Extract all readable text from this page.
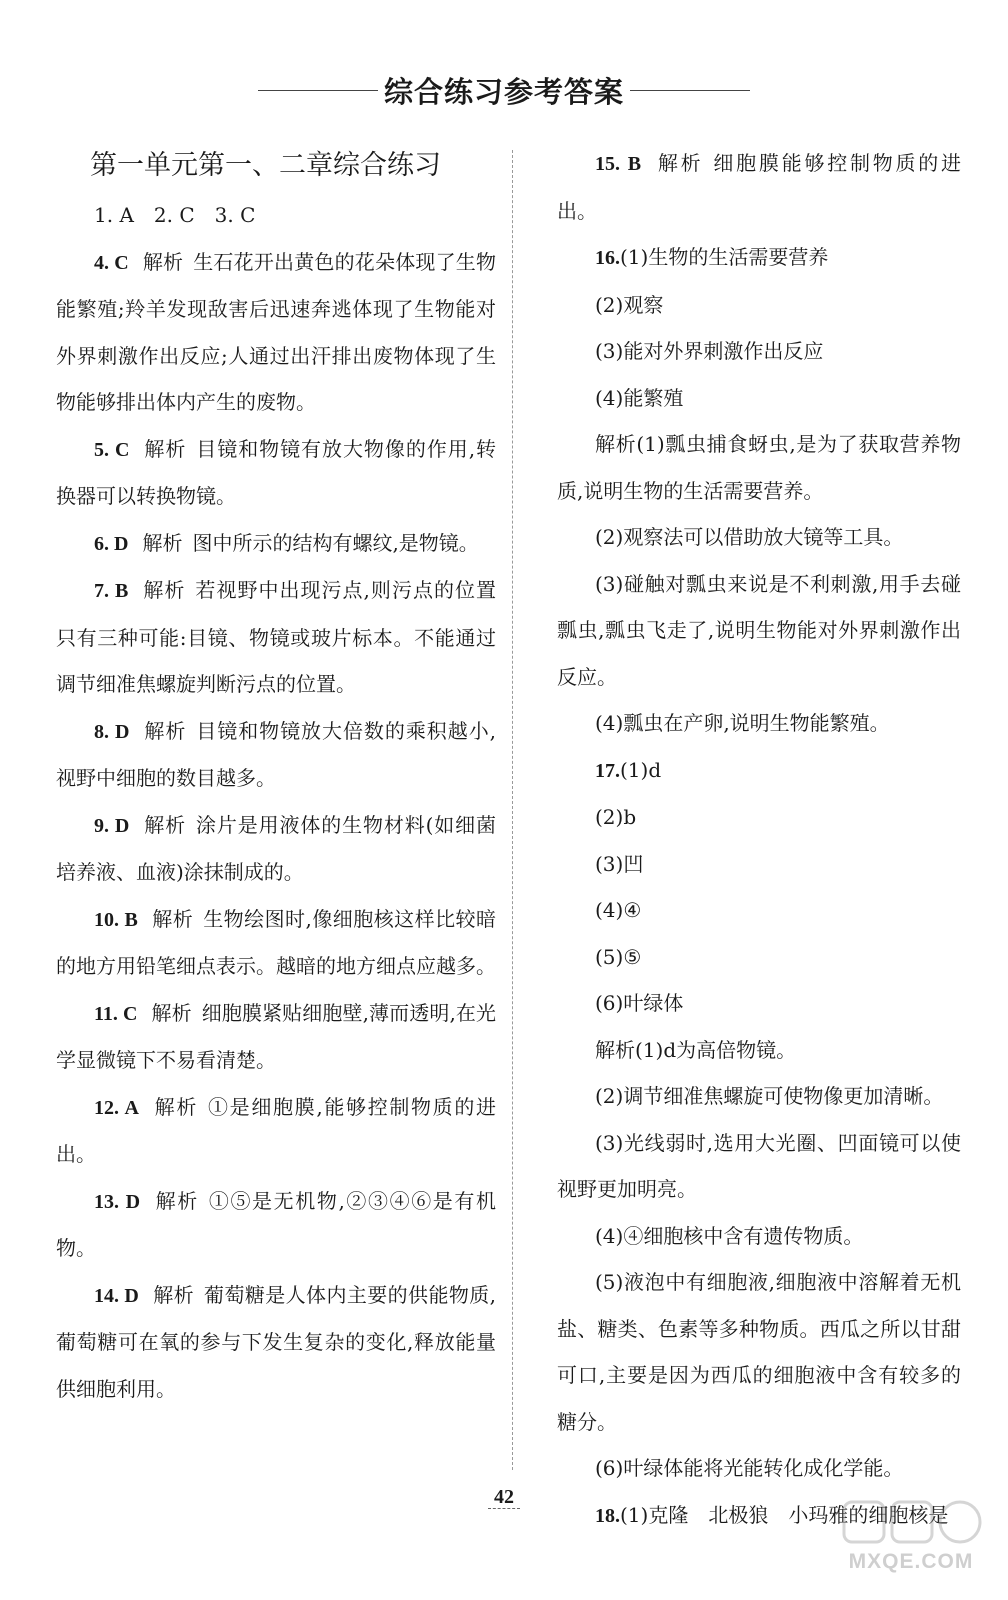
综合练习参考答案
第一单元第一、二章综合练习

1. A　2. C　3. C

4. C 解析 生石花开出黄色的花朵体现了生物能繁殖;羚羊发现敌害后迅速奔逃体现了生物能对外界刺激作出反应;人通过出汗排出废物体现了生物能够排出体内产生的废物。

5. C 解析 目镜和物镜有放大物像的作用,转换器可以转换物镜。

6. D 解析 图中所示的结构有螺纹,是物镜。

7. B 解析 若视野中出现污点,则污点的位置只有三种可能:目镜、物镜或玻片标本。不能通过调节细准焦螺旋判断污点的位置。

8. D 解析 目镜和物镜放大倍数的乘积越小,视野中细胞的数目越多。

9. D 解析 涂片是用液体的生物材料(如细菌培养液、血液)涂抹制成的。

10. B 解析 生物绘图时,像细胞核这样比较暗的地方用铅笔细点表示。越暗的地方细点应越多。

11. C 解析 细胞膜紧贴细胞壁,薄而透明,在光学显微镜下不易看清楚。

12. A 解析 ①是细胞膜,能够控制物质的进出。

13. D 解析 ①⑤是无机物,②③④⑥是有机物。

14. D 解析 葡萄糖是人体内主要的供能物质,葡萄糖可在氧的参与下发生复杂的变化,释放能量供细胞利用。

15. B 解析 细胞膜能够控制物质的进出。

16.(1)生物的生活需要营养

(2)观察

(3)能对外界刺激作出反应

(4)能繁殖

解析(1)瓢虫捕食蚜虫,是为了获取营养物质,说明生物的生活需要营养。

(2)观察法可以借助放大镜等工具。

(3)碰触对瓢虫来说是不利刺激,用手去碰瓢虫,瓢虫飞走了,说明生物能对外界刺激作出反应。

(4)瓢虫在产卵,说明生物能繁殖。

17.(1)d

(2)b

(3)凹

(4)④

(5)⑤

(6)叶绿体

解析(1)d为高倍物镜。

(2)调节细准焦螺旋可使物像更加清晰。

(3)光线弱时,选用大光圈、凹面镜可以使视野更加明亮。

(4)④细胞核中含有遗传物质。

(5)液泡中有细胞液,细胞液中溶解着无机盐、糖类、色素等多种物质。西瓜之所以甘甜可口,主要是因为西瓜的细胞液中含有较多的糖分。

(6)叶绿体能将光能转化成化学能。

18.(1)克隆　北极狼　小玛雅的细胞核是

42
MXQE.COM
